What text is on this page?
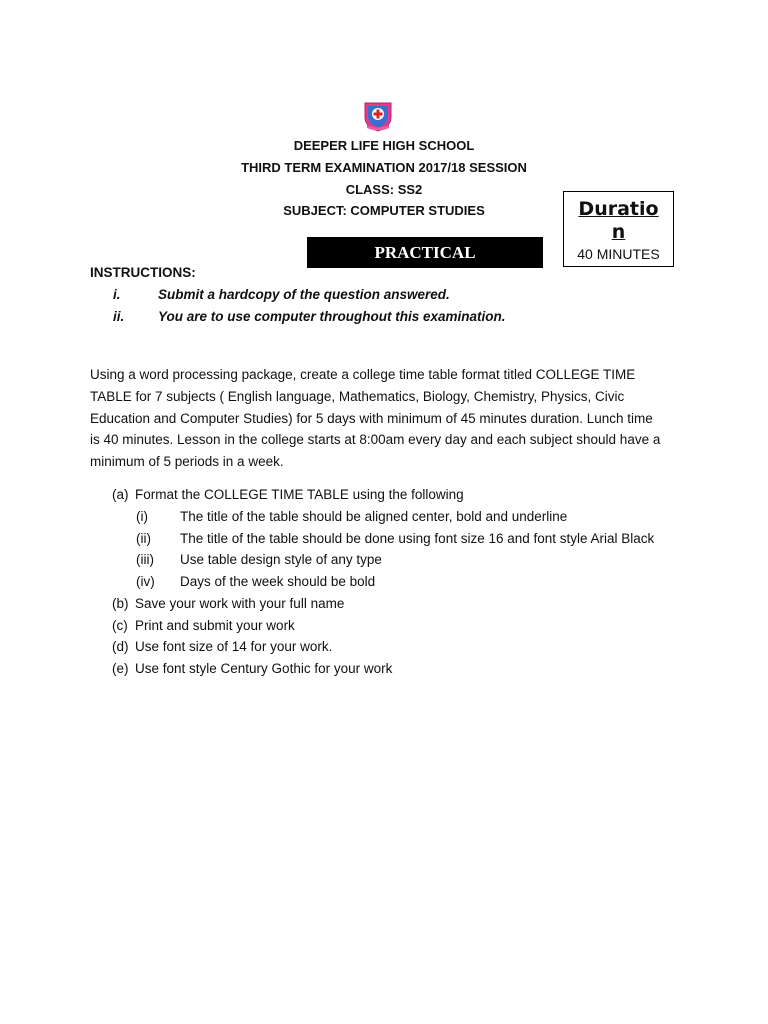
DEEPER LIFE HIGH SCHOOL
THIRD TERM EXAMINATION 2017/18 SESSION
CLASS: SS2
SUBJECT: COMPUTER STUDIES	Duratio
n
40 MINUTES
PRACTICAL
INSTRUCTIONS:
i.	Submit a hardcopy of the question answered.
ii. You are to use computer throughout this examination.
Using a word processing package, create a college time table format titled COLLEGE TIME
TABLE for 7 subjects ( English language, Mathematics, Biology, Chemistry, Physics, Civic
Education and Computer Studies) for 5 days with minimum of 45 minutes duration. Lunch time
is 40 minutes. Lesson in the college starts at 8:00am every day and each subject should have a
minimum of 5 periods in a week.
(a) Format the COLLEGE TIME TABLE using the following
(i) The title of the table should be aligned center, bold and underline
(ii) The title of the table should be done using font size 16 and font style Arial Black
(iii) Use table design style of any type
(iv) Days of the week should be bold
(b) Save your work with your full name
(c) Print and submit your work
(d) Use font size of 14 for your work.
(e) Use font style Century Gothic for your work
